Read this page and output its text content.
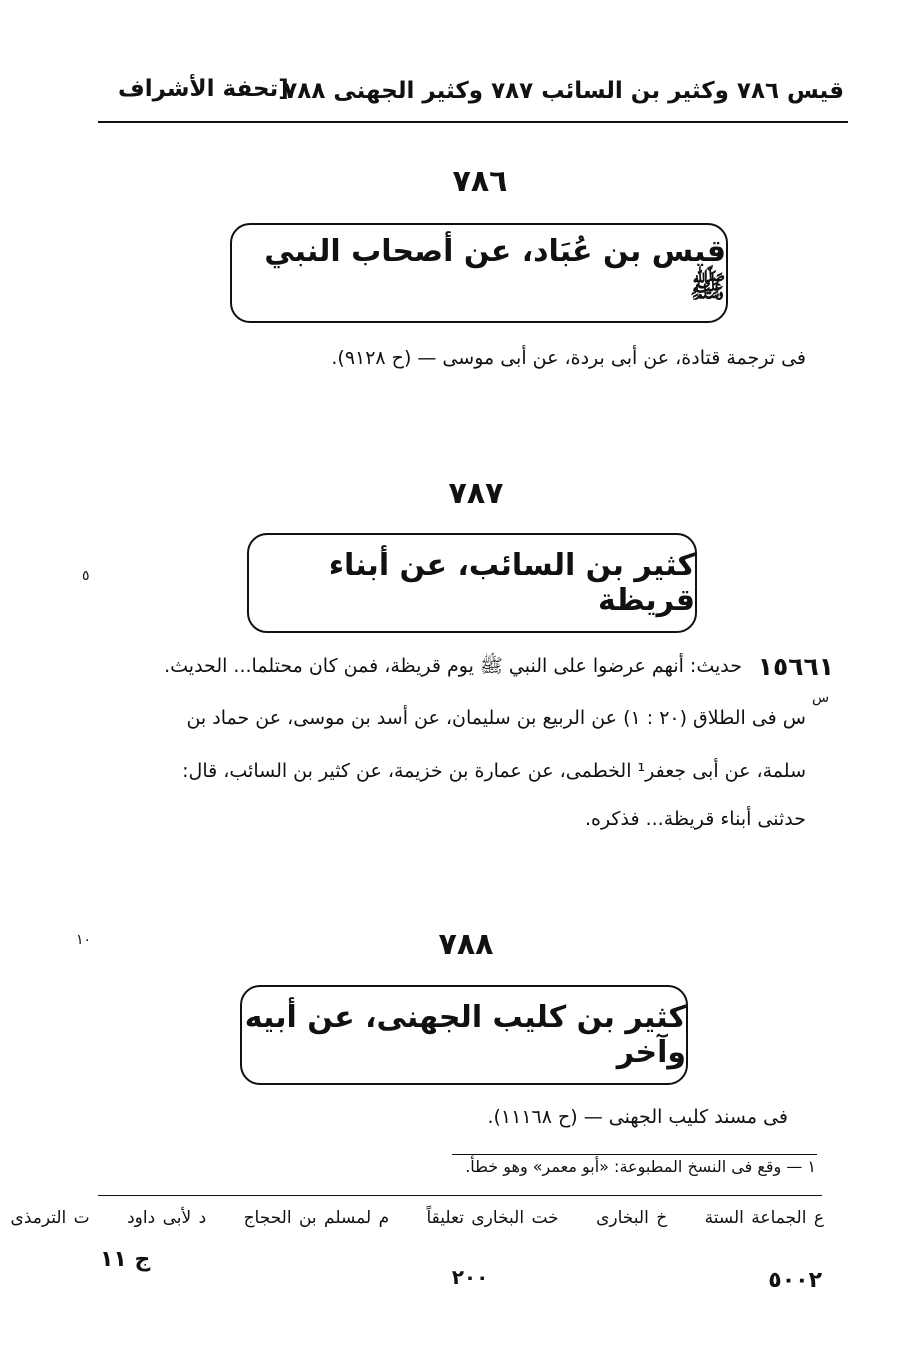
قيس ٧٨٦ وكثير بن السائب ٧٨٧ وكثير الجهنى ٧٨٨
[تحفة الأشراف
٧٨٦
قيس بن عُبَاد، عن أصحاب النبي ﷺ
فى ترجمة قتادة، عن أبى بردة، عن أبى موسى — (ح ٩١٢٨).
٧٨٧
كثير بن السائب، عن أبناء قريظة
٥
١٥٦٦١
س
حديث: أنهم عرضوا على النبي ﷺ يوم قريظة، فمن كان محتلما... الحديث.
س فى الطلاق (٢٠ : ١) عن الربيع بن سليمان، عن أسد بن موسى، عن حماد بن
سلمة، عن أبى جعفر¹ الخطمى، عن عمارة بن خزيمة، عن كثير بن السائب، قال:
حدثنى أبناء قريظة... فذكره.
١٠	٧٨٨
كثير بن كليب الجهنى، عن أبيه وآخر
فى مسند كليب الجهنى — (ح ١١١٦٨).
١ — وقع فى النسخ المطبوعة: «أبو معمر» وهو خطأ.
ع الجماعة الستة خ البخارى خت البخارى تعليقاً م لمسلم بن الحجاج د لأبى داود ت الترمذى
ج ١١
٢٠٠	٥٠٠٢
